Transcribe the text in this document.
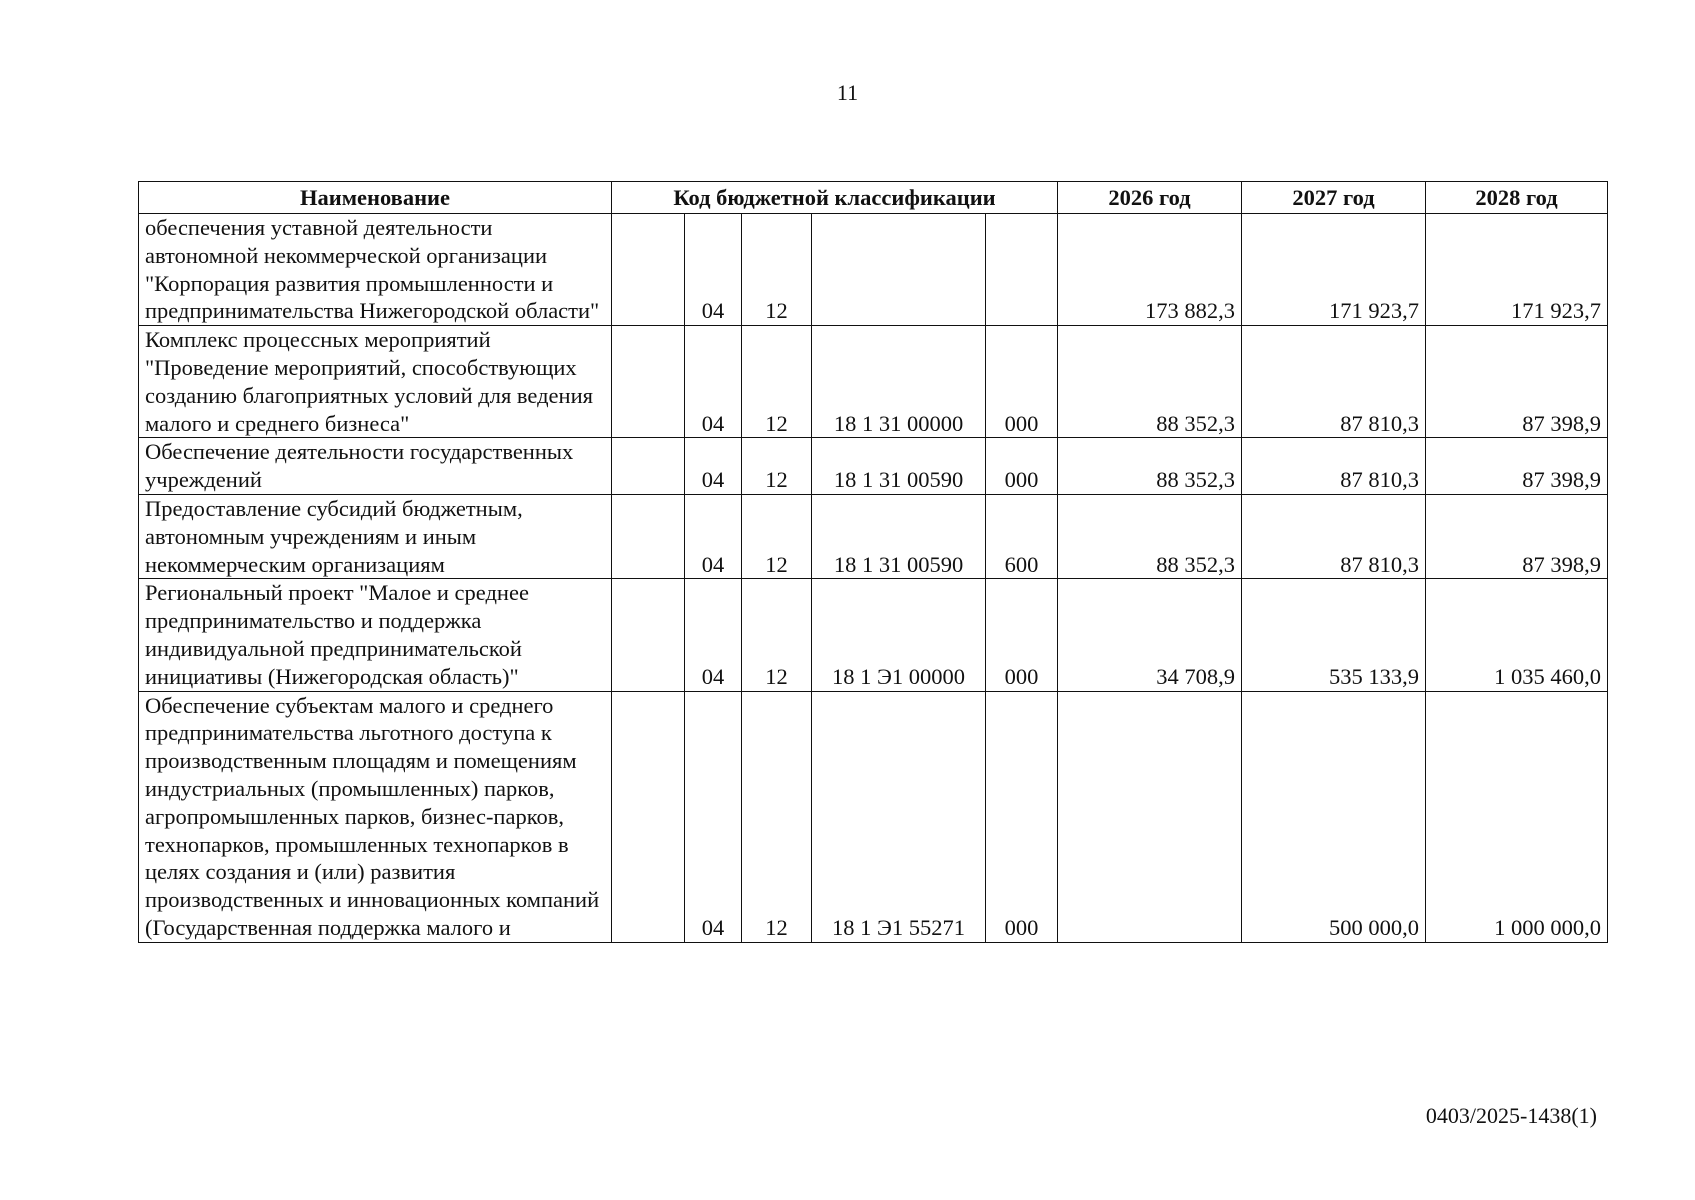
11
Наименование	Код бюджетной классификации					2026 год	2027 год	2028 год
обеспечения уставной деятельности автономной некоммерческой организации "Корпорация развития промышленности и предпринимательства Нижегородской области"		04	12			173 882,3	171 923,7	171 923,7
Комплекс процессных мероприятий "Проведение мероприятий, способствующих созданию благоприятных условий для ведения малого и среднего бизнеса"		04	12	18 1 31 00000	000	88 352,3	87 810,3	87 398,9
Обеспечение деятельности государственных учреждений		04	12	18 1 31 00590	000	88 352,3	87 810,3	87 398,9
Предоставление субсидий бюджетным, автономным учреждениям и иным некоммерческим организациям		04	12	18 1 31 00590	600	88 352,3	87 810,3	87 398,9
Региональный проект "Малое и среднее предпринимательство и поддержка индивидуальной предпринимательской инициативы (Нижегородская область)"		04	12	18 1 Э1 00000	000	34 708,9	535 133,9	1 035 460,0
Обеспечение субъектам малого и среднего предпринимательства льготного доступа к производственным площадям и помещениям индустриальных (промышленных) парков, агропромышленных парков, бизнес-парков, технопарков, промышленных технопарков в целях создания и (или) развития производственных и инновационных компаний (Государственная поддержка малого и		04	12	18 1 Э1 55271	000		500 000,0	1 000 000,0
0403/2025-1438(1)
